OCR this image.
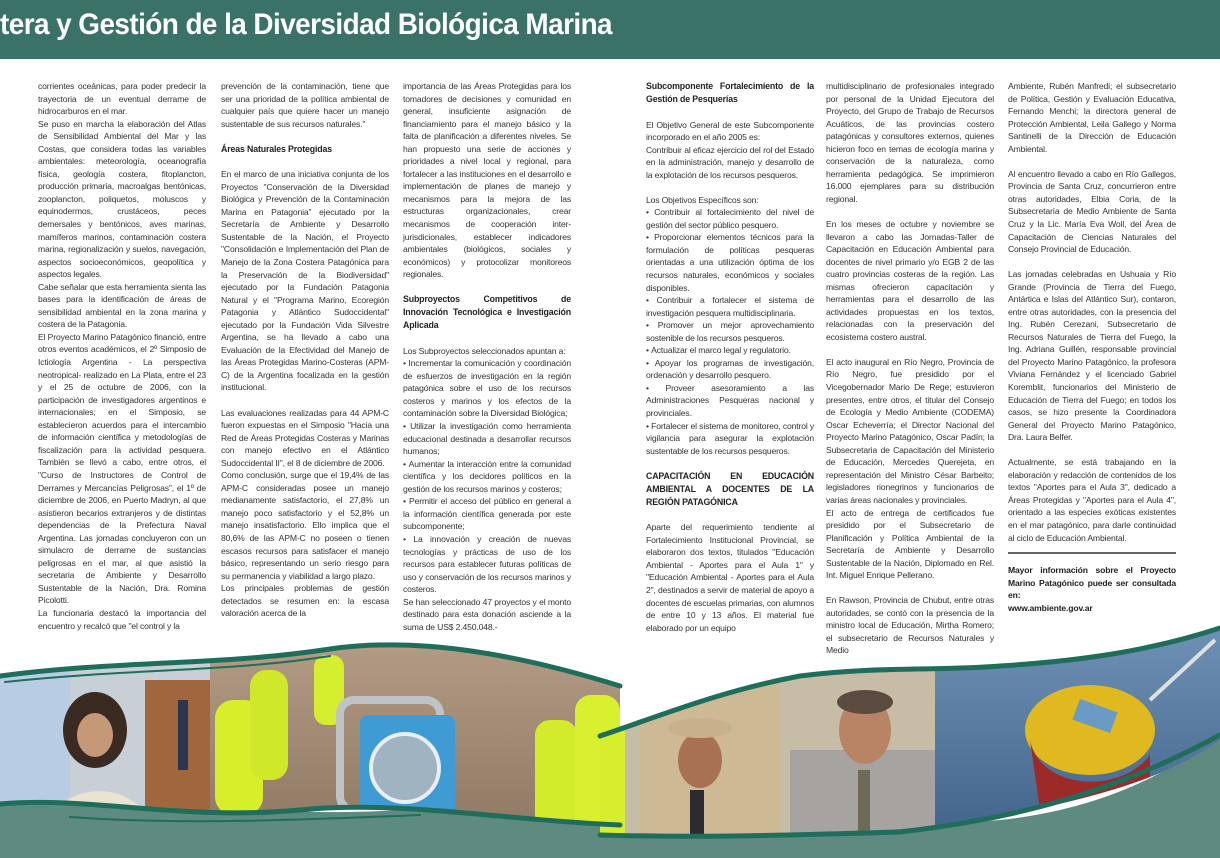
tera y Gestión de la Diversidad Biológica Marina

corrientes oceánicas, para poder predecir la trayectoria de un eventual derrame de hidrocarburos en el mar.

Se puso en marcha la elaboración del Atlas de Sensibilidad Ambiental del Mar y las Costas, que considera todas las variables ambientales: meteorología, oceanografía física, geología costera, fitoplancton, producción primaria, macroalgas bentónicas, zooplancton, poliquetos, moluscos y equinodermos, crustáceos, peces demersales y bentónicos, aves marinas, mamíferos marinos, contaminación costera marina, regionalización y suelos, navegación, aspectos socioeconómicos, geopolítica y aspectos legales.

Cabe señalar que esta herramienta sienta las bases para la identificación de áreas de sensibilidad ambiental en la zona marina y costera de la Patagonia.

El Proyecto Marino Patagónico financió, entre otros eventos académicos, el 2º Simposio de Ictiología Argentina - La perspectiva neotropical- realizado en La Plata, entre el 23 y el 25 de octubre de 2006, con la participación de investigadores argentinos e internacionales; en el Simposio, se establecieron acuerdos para el intercambio de información científica y metodologías de fiscalización para la actividad pesquera. También se llevó a cabo, entre otros, el "Curso de Instructores de Control de Derrames y Mercancías Peligrosas", el 1º de diciembre de 2006, en Puerto Madryn, al que asistieron becarios extranjeros y de distintas dependencias de la Prefectura Naval Argentina. Las jornadas concluyeron con un simulacro de derrame de sustancias peligrosas en el mar, al que asistió la secretaria de Ambiente y Desarrollo Sustentable de la Nación, Dra. Romina Picolotti.

La funcionaria destacó la importancia del encuentro y recalcó que "el control y la

prevención de la contaminación, tiene que ser una prioridad de la política ambiental de cualquier país que quiere hacer un manejo sustentable de sus recursos naturales."

Áreas Naturales Protegidas

En el marco de una iniciativa conjunta de los Proyectos "Conservación de la Diversidad Biológica y Prevención de la Contaminación Marina en Patagonia" ejecutado por la Secretaría de Ambiente y Desarrollo Sustentable de la Nación, el Proyecto "Consolidación e Implementación del Plan de Manejo de la Zona Costera Patagónica para la Preservación de la Biodiversidad" ejecutado por la Fundación Patagonia Natural y el "Programa Marino, Ecoregión Patagonia y Atlántico Sudoccidental" ejecutado por la Fundación Vida Silvestre Argentina, se ha llevado a cabo una Evaluación de la Efectividad del Manejo de las Áreas Protegidas Marino-Costeras (APM-C) de la Argentina focalizada en la gestión institucional.

Las evaluaciones realizadas para 44 APM-C fueron expuestas en el Simposio "Hacia una Red de Áreas Protegidas Costeras y Marinas con manejo efectivo en el Atlántico Sudoccidental II", el 8 de diciembre de 2006.

Como conclusión, surge que el 19,4% de las APM-C consideradas posee un manejo medianamente satisfactorio, el 27,8% un manejo poco satisfactorio y el 52,8% un manejo insatisfactorio. Ello implica que el 80,6% de las APM-C no poseen o tienen escasos recursos para satisfacer el manejo básico, representando un serio riesgo para su permanencia y viabilidad a largo plazo.

Los principales problemas de gestión detectados se resumen en: la escasa valoración acerca de la

importancia de las Áreas Protegidas para los tomadores de decisiones y comunidad en general, insuficiente asignación de financiamiento para el manejo básico y la falta de planificación a diferentes niveles. Se han propuesto una serie de acciones y prioridades a nivel local y regional, para fortalecer a las instituciones en el desarrollo e implementación de planes de manejo y mecanismos para la mejora de las estructuras organizacionales, crear mecanismos de cooperación inter-jurisdicionales, establecer indicadores ambientales (biológicos, sociales y económicos) y protocolizar monitoreos regionales.

Subproyectos Competitivos de Innovación Tecnológica e Investigación Aplicada

Los Subproyectos seleccionados apuntan a:

• Incrementar la comunicación y coordinación de esfuerzos de investigación en la región patagónica sobre el uso de los recursos costeros y marinos y los efectos de la contaminación sobre la Diversidad Biológica;

• Utilizar la investigación como herramienta educacional destinada a desarrollar recursos humanos;

• Aumentar la interacción entre la comunidad científica y los decidores políticos en la gestión de los recursos marinos y costeros;

• Permitir el acceso del público en general a la información científica generada por este subcomponente;

• La innovación y creación de nuevas tecnologías y prácticas de uso de los recursos para establecer futuras políticas de uso y conservación de los recursos marinos y costeros.

Se han seleccionado 47 proyectos y el monto destinado para esta donación asciende a la suma de US$ 2.450.048.-

Subcomponente Fortalecimiento de la Gestión de Pesquerías

El Objetivo General de este Subcomponente incorporado en el año 2005 es:

Contribuir al eficaz ejercicio del rol del Estado en la administración, manejo y desarrollo de la explotación de los recursos pesqueros.

Los Objetivos Específicos son:

• Contribuir al fortalecimiento del nivel de gestión del sector público pesquero.

• Proporcionar elementos técnicos para la formulación de políticas pesqueras orientadas a una utilización óptima de los recursos naturales, económicos y sociales disponibles.

• Contribuir a fortalecer el sistema de investigación pesquera multidisciplinaria.

• Promover un mejor aprovechamiento sostenible de los recursos pesqueros.

• Actualizar el marco legal y regulatorio.

• Apoyar los programas de investigación, ordenación y desarrollo pesquero.

• Proveer asesoramiento a las Administraciones Pesqueras nacional y provinciales.

• Fortalecer el sistema de monitoreo, control y vigilancia para asegurar la explotación sustentable de los recursos pesqueros.

CAPACITACIÓN EN EDUCACIÓN AMBIENTAL A DOCENTES DE LA REGIÓN PATAGÓNICA

Aparte del requerimiento tendiente al Fortalecimiento Institucional Provincial, se elaboraron dos textos, titulados "Educación Ambiental - Aportes para el Aula 1" y "Educación Ambiental - Aportes para el Aula 2", destinados a servir de material de apoyo a docentes de escuelas primarias, con alumnos de entre 10 y 13 años. El material fue elaborado por un equipo

multidisciplinario de profesionales integrado por personal de la Unidad Ejecutora del Proyecto, del Grupo de Trabajo de Recursos Acuáticos, de las provincias costero patagónicas y consultores externos, quienes hicieron foco en temas de ecología marina y conservación de la naturaleza, como herramienta pedagógica. Se imprimieron 16.000 ejemplares para su distribución regional.

En los meses de octubre y noviembre se llevaron a cabo las Jornadas-Taller de Capacitación en Educación Ambiental para docentes de nivel primario y/o EGB 2 de las cuatro provincias costeras de la región. Las mismas ofrecieron capacitación y herramientas para el desarrollo de las actividades propuestas en los textos, relacionadas con la preservación del ecosistema costero austral.

El acto inaugural en Río Negro, Provincia de Río Negro, fue presidido por el Vicegobernador Mario De Rege; estuvieron presentes, entre otros, el titular del Consejo de Ecología y Medio Ambiente (CODEMA) Oscar Echeverría; el Director Nacional del Proyecto Marino Patagónico, Oscar Padín; la Subsecretaria de Capacitación del Ministerio de Educación, Mercedes Querejeta, en representación del Ministro César Barbeito; legisladores rionegrinos y funcionarios de varias áreas nacionales y provinciales.

El acto de entrega de certificados fue presidido por el Subsecretario de Planificación y Política Ambiental de la Secretaría de Ambiente y Desarrollo Sustentable de la Nación, Diplomado en Rel. Int. Miguel Enrique Pellerano.

En Rawson, Provincia de Chubut, entre otras autoridades, se contó con la presencia de la ministro local de Educación, Mirtha Romero; el subsecretario de Recursos Naturales y Medio

Ambiente, Rubén Manfredi; el subsecretario de Política, Gestión y Evaluación Educativa, Fernando Menchi; la directora general de Protección Ambiental, Leila Gallego y Norma Santinelli de la Dirección de Educación Ambiental.

Al encuentro llevado a cabo en Río Gallegos, Provincia de Santa Cruz, concurrieron entre otras autoridades, Elbia Coria, de la Subsecretaría de Medio Ambiente de Santa Cruz y la Lic. María Eva Woll, del Área de Capacitación de Ciencias Naturales del Consejo Provincial de Educación.

Las jornadas celebradas en Ushuaia y Río Grande (Provincia de Tierra del Fuego, Antártica e Islas del Atlántico Sur), contaron, entre otras autoridades, con la presencia del Ing. Rubén Cerezani, Subsecretario de Recursos Naturales de Tierra del Fuego, la Ing. Adriana Guillén, responsable provincial del Proyecto Marino Patagónico, la profesora Viviana Fernández y el licenciado Gabriel Koremblit, funcionarios del Ministerio de Educación de Tierra del Fuego; en todos los casos, se hizo presente la Coordinadora General del Proyecto Marino Patagónico, Dra. Laura Belfer.

Actualmente, se está trabajando en la elaboración y redacción de contenidos de los textos "Aportes para el Aula 3", dedicado a Áreas Protegidas y "Aportes para el Aula 4", orientado a las especies exóticas existentes en el mar patagónico, para darle continuidad al ciclo de Educación Ambiental.

Mayor información sobre el Proyecto Marino Patagónico puede ser consultada en:

www.ambiente.gov.ar
